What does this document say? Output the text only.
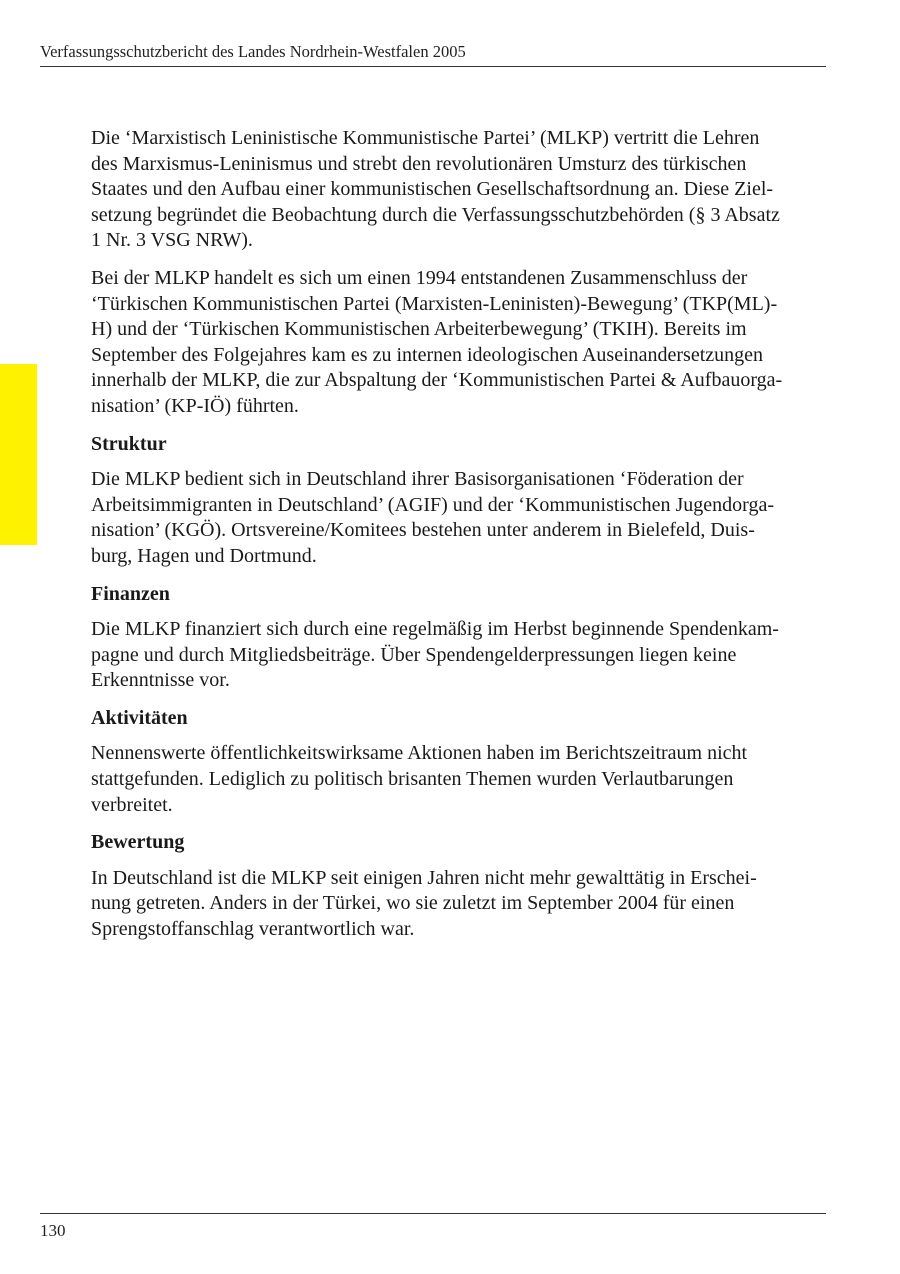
Verfassungsschutzbericht des Landes Nordrhein-Westfalen 2005

Die ‘Marxistisch Leninistische Kommunistische Partei’ (MLKP) vertritt die Lehren
des Marxismus-Leninismus und strebt den revolutionären Umsturz des türkischen
Staates und den Aufbau einer kommunistischen Gesellschaftsordnung an. Diese Ziel-
setzung begründet die Beobachtung durch die Verfassungsschutzbehörden (§ 3 Absatz
1 Nr. 3 VSG NRW).

Bei der MLKP handelt es sich um einen 1994 entstandenen Zusammenschluss der
‘Türkischen Kommunistischen Partei (Marxisten-Leninisten)-Bewegung’ (TKP(ML)-
H) und der ‘Türkischen Kommunistischen Arbeiterbewegung’ (TKIH). Bereits im
September des Folgejahres kam es zu internen ideologischen Auseinandersetzungen
innerhalb der MLKP, die zur Abspaltung der ‘Kommunistischen Partei & Aufbauorga-
nisation’ (KP-IÖ) führten.

Struktur

Die MLKP bedient sich in Deutschland ihrer Basisorganisationen ‘Föderation der
Arbeitsimmigranten in Deutschland’ (AGIF) und der ‘Kommunistischen Jugendorga-
nisation’ (KGÖ). Ortsvereine/Komitees bestehen unter anderem in Bielefeld, Duis-
burg, Hagen und Dortmund.

Finanzen

Die MLKP finanziert sich durch eine regelmäßig im Herbst beginnende Spendenkam-
pagne und durch Mitgliedsbeiträge. Über Spendengelderpressungen liegen keine
Erkenntnisse vor.

Aktivitäten

Nennenswerte öffentlichkeitswirksame Aktionen haben im Berichtszeitraum nicht
stattgefunden. Lediglich zu politisch brisanten Themen wurden Verlautbarungen
verbreitet.

Bewertung

In Deutschland ist die MLKP seit einigen Jahren nicht mehr gewalttätig in Erschei-
nung getreten. Anders in der Türkei, wo sie zuletzt im September 2004 für einen
Sprengstoffanschlag verantwortlich war.

130
